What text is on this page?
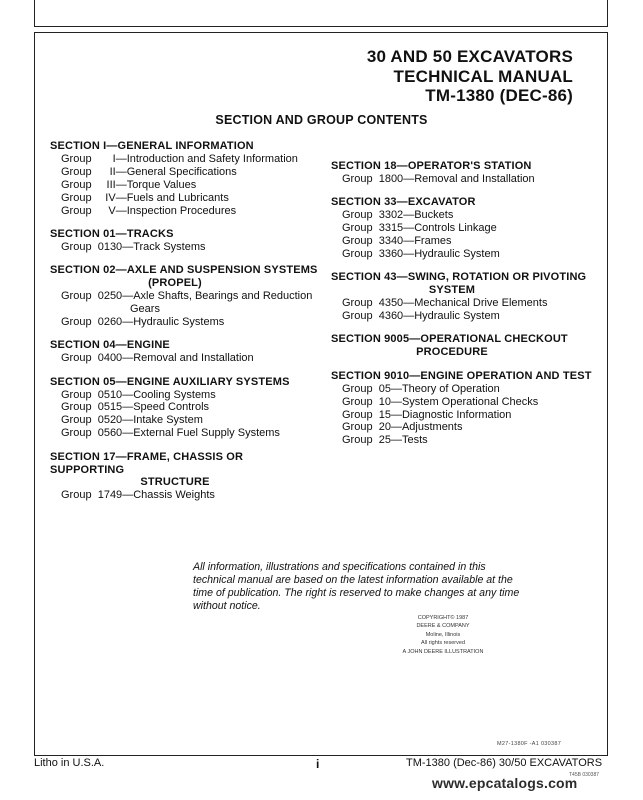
30 AND 50 EXCAVATORS
TECHNICAL MANUAL
TM-1380 (DEC-86)
SECTION AND GROUP CONTENTS
SECTION I—GENERAL INFORMATION
Group I—Introduction and Safety Information
Group II—General Specifications
Group III—Torque Values
Group IV—Fuels and Lubricants
Group V—Inspection Procedures
SECTION 01—TRACKS
Group 0130—Track Systems
SECTION 02—AXLE AND SUSPENSION SYSTEMS
(PROPEL)
Group 0250—Axle Shafts, Bearings and Reduction
Gears
Group 0260—Hydraulic Systems
SECTION 04—ENGINE
Group 0400—Removal and Installation
SECTION 05—ENGINE AUXILIARY SYSTEMS
Group 0510—Cooling Systems
Group 0515—Speed Controls
Group 0520—Intake System
Group 0560—External Fuel Supply Systems
SECTION 17—FRAME, CHASSIS OR SUPPORTING
STRUCTURE
Group 1749—Chassis Weights
SECTION 18—OPERATOR'S STATION
Group 1800—Removal and Installation
SECTION 33—EXCAVATOR
Group 3302—Buckets
Group 3315—Controls Linkage
Group 3340—Frames
Group 3360—Hydraulic System
SECTION 43—SWING, ROTATION OR PIVOTING
SYSTEM
Group 4350—Mechanical Drive Elements
Group 4360—Hydraulic System
SECTION 9005—OPERATIONAL CHECKOUT
PROCEDURE
SECTION 9010—ENGINE OPERATION AND TEST
Group 05—Theory of Operation
Group 10—System Operational Checks
Group 15—Diagnostic Information
Group 20—Adjustments
Group 25—Tests
All information, illustrations and specifications contained in this
technical manual are based on the latest information available at the
time of publication. The right is reserved to make changes at any time
without notice.
COPYRIGHT© 1987
DEERE & COMPANY
Moline, Illinois
All rights reserved
A JOHN DEERE ILLUSTRATION
M27-1380F -A1 030387
Litho in U.S.A.	i	TM-1380 (Dec-86) 30/50 EXCAVATORS
T45B 030387
www.epcatalogs.com
